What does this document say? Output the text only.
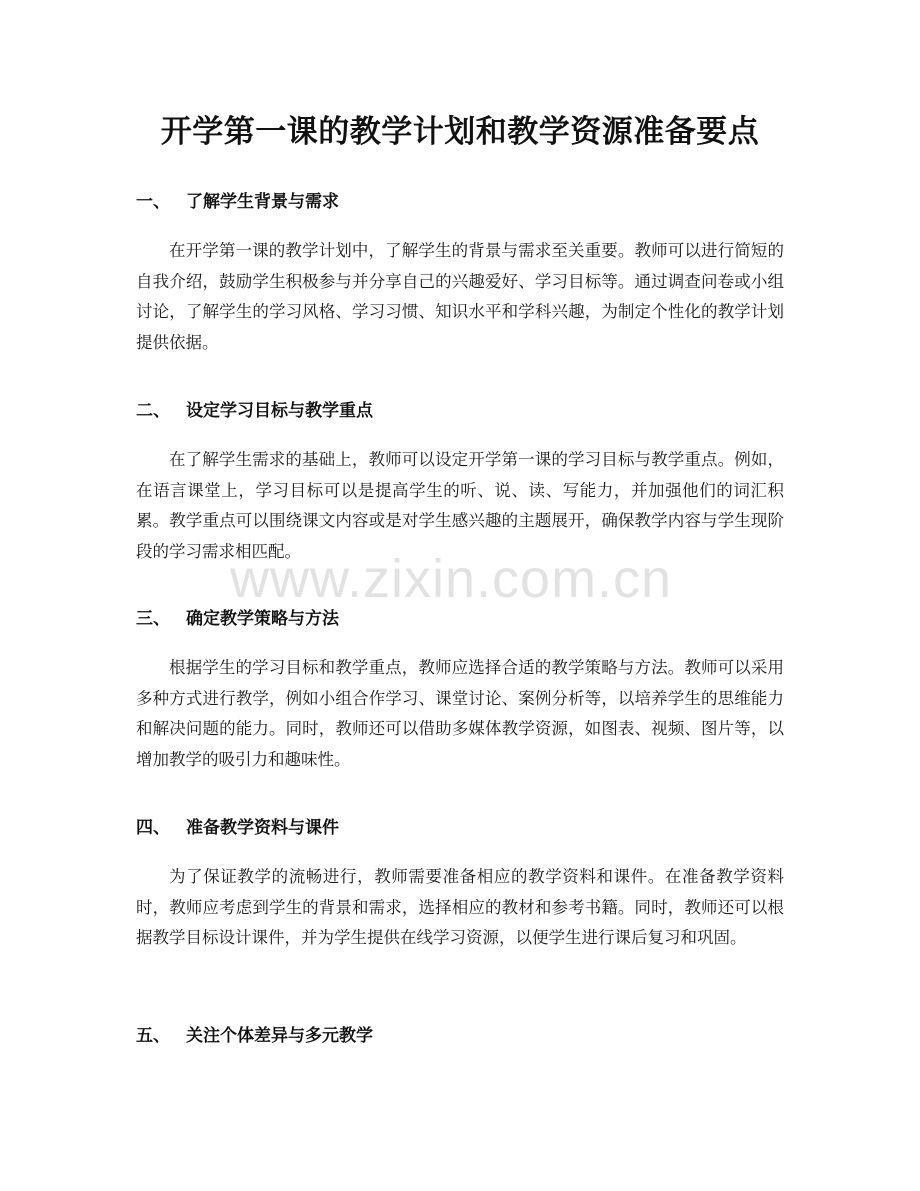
开学第一课的教学计划和教学资源准备要点
一、 了解学生背景与需求

在开学第一课的教学计划中，了解学生的背景与需求至关重要。教师可以进行简短的自我介绍，鼓励学生积极参与并分享自己的兴趣爱好、学习目标等。通过调查问卷或小组讨论，了解学生的学习风格、学习习惯、知识水平和学科兴趣，为制定个性化的教学计划提供依据。

二、 设定学习目标与教学重点

在了解学生需求的基础上，教师可以设定开学第一课的学习目标与教学重点。例如，在语言课堂上，学习目标可以是提高学生的听、说、读、写能力，并加强他们的词汇积累。教学重点可以围绕课文内容或是对学生感兴趣的主题展开，确保教学内容与学生现阶段的学习需求相匹配。

三、 确定教学策略与方法

根据学生的学习目标和教学重点，教师应选择合适的教学策略与方法。教师可以采用多种方式进行教学，例如小组合作学习、课堂讨论、案例分析等，以培养学生的思维能力和解决问题的能力。同时，教师还可以借助多媒体教学资源，如图表、视频、图片等，以增加教学的吸引力和趣味性。

四、 准备教学资料与课件

为了保证教学的流畅进行，教师需要准备相应的教学资料和课件。在准备教学资料时，教师应考虑到学生的背景和需求，选择相应的教材和参考书籍。同时，教师还可以根据教学目标设计课件，并为学生提供在线学习资源，以便学生进行课后复习和巩固。

五、 关注个体差异与多元教学
www.zixin.com.cn
